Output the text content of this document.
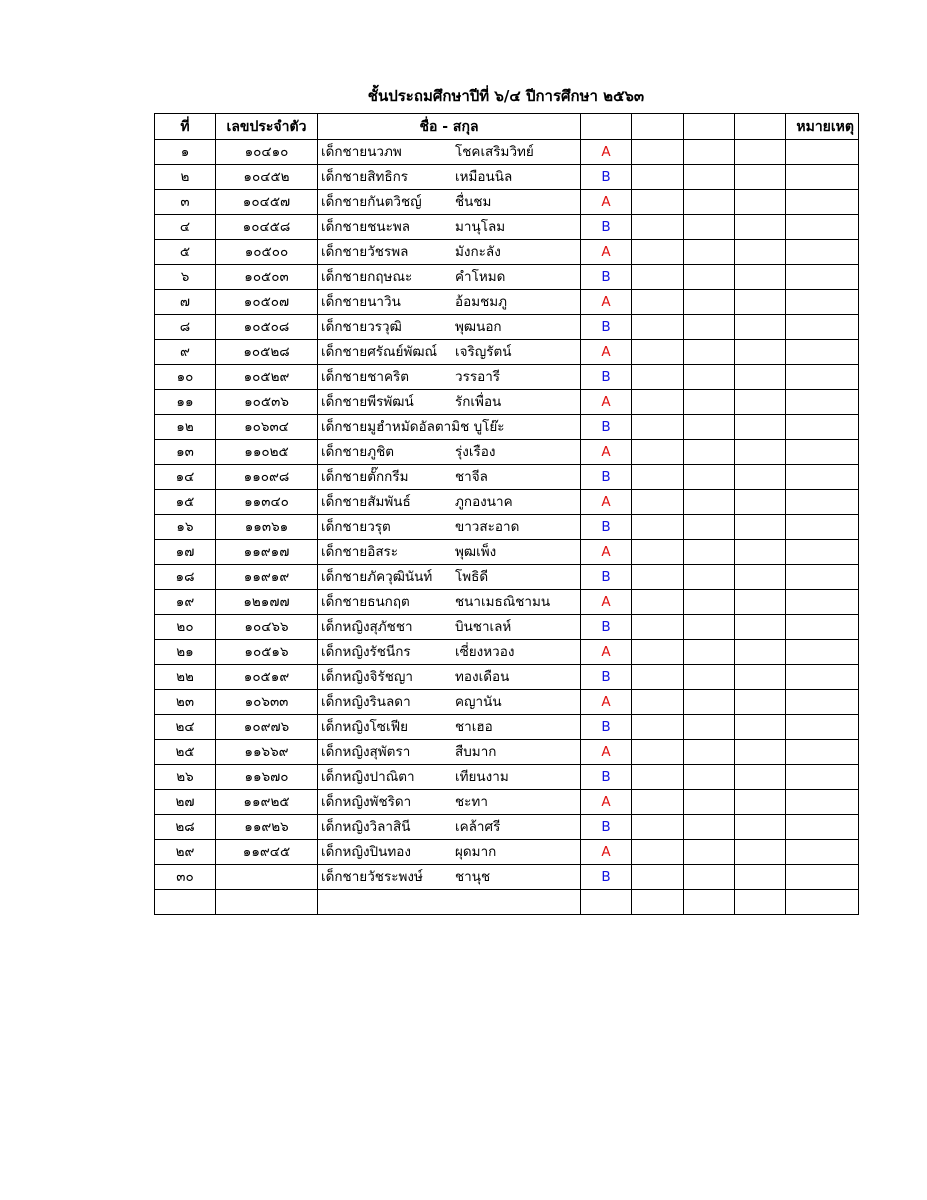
ชั้นประถมศึกษาปีที่ ๖/๔ ปีการศึกษา ๒๕๖๓
ที่	เลขประจำตัว	ชื่อ - สกุล					หมายเหตุ
๑	๑๐๔๑๐	เด็กชายนวภพ โชคเสริมวิทย์	A				
๒	๑๐๔๕๒	เด็กชายสิทธิกร เหมือนนิล	B				
๓	๑๐๔๕๗	เด็กชายกันตวิชญ์ ชื่นชม	A				
๔	๑๐๔๕๘	เด็กชายชนะพล มานุโลม	B				
๕	๑๐๕๐๐	เด็กชายวัชรพล มังกะลัง	A				
๖	๑๐๕๐๓	เด็กชายกฤษณะ คำโหมด	B				
๗	๑๐๕๐๗	เด็กชายนาวิน อ้อมชมภู	A				
๘	๑๐๕๐๘	เด็กชายวรวุฒิ พุฒนอก	B				
๙	๑๐๕๒๘	เด็กชายศรัณย์พัฒณ์ เจริญรัตน์	A				
๑๐	๑๐๕๒๙	เด็กชายชาคริต วรรอารี	B				
๑๑	๑๐๕๓๖	เด็กชายพีรพัฒน์ รักเพื่อน	A				
๑๒	๑๐๖๓๔	เด็กชายมูฮำหมัดอัลตามิช บูโย๊ะ	B				
๑๓	๑๑๐๒๕	เด็กชายภูชิต รุ่งเรือง	A				
๑๔	๑๑๐๙๘	เด็กชายตั๊กกรีม ชาจีล	B				
๑๕	๑๑๓๔๐	เด็กชายสัมพันธ์ ภูกองนาค	A				
๑๖	๑๑๓๖๑	เด็กชายวรุต ขาวสะอาด	B				
๑๗	๑๑๙๑๗	เด็กชายอิสระ พุฒเพ็ง	A				
๑๘	๑๑๙๑๙	เด็กชายภัควุฒินันท์ โพธิดี	B				
๑๙	๑๒๑๗๗	เด็กชายธนกฤต ชนาเมธณิชามน	A				
๒๐	๑๐๔๖๖	เด็กหญิงสุภัชชา บินชาเลห์	B				
๒๑	๑๐๕๑๖	เด็กหญิงรัชนีกร เซี่ยงหวอง	A				
๒๒	๑๐๕๑๙	เด็กหญิงจิรัชญา ทองเดือน	B				
๒๓	๑๐๖๓๓	เด็กหญิงรินลดา คญานัน	A				
๒๔	๑๐๙๗๖	เด็กหญิงโซเฟีย ชาเฮอ	B				
๒๕	๑๑๖๖๙	เด็กหญิงสุพัตรา สืบมาก	A				
๒๖	๑๑๖๗๐	เด็กหญิงปาณิตา เทียนงาม	B				
๒๗	๑๑๙๒๕	เด็กหญิงพัชริดา ชะทา	A				
๒๘	๑๑๙๒๖	เด็กหญิงวิลาสินี เคล้าศรี	B				
๒๙	๑๑๙๔๕	เด็กหญิงปินทอง ผุดมาก	A				
๓๐		เด็กชายวัชระพงษ์ ชานุช	B				
